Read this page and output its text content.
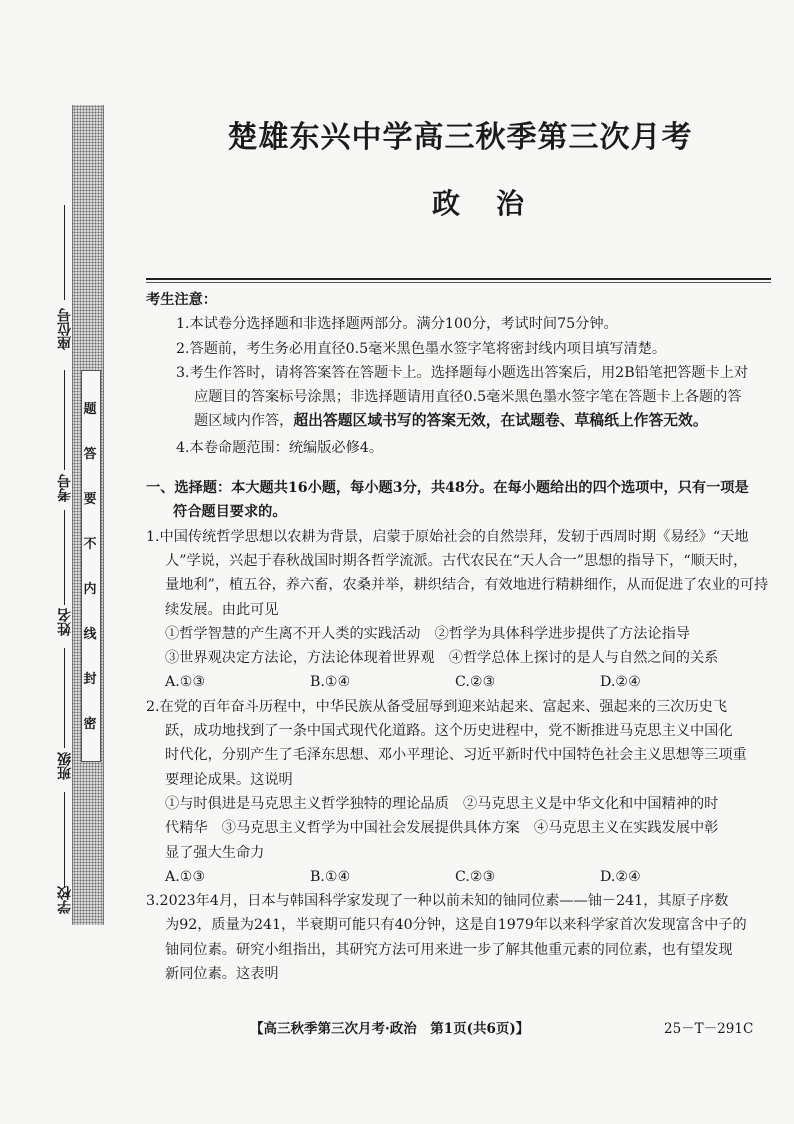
题
答
要
不
内
线
封
密
座位号
考号
姓名
班级
学校
楚雄东兴中学高三秋季第三次月考
政治
考生注意：
1.本试卷分选择题和非选择题两部分。满分100分，考试时间75分钟。
2.答题前，考生务必用直径0.5毫米黑色墨水签字笔将密封线内项目填写清楚。
3.考生作答时，请将答案答在答题卡上。选择题每小题选出答案后，用2B铅笔把答题卡上对
应题目的答案标号涂黑；非选择题请用直径0.5毫米黑色墨水签字笔在答题卡上各题的答
题区域内作答，超出答题区域书写的答案无效，在试题卷、草稿纸上作答无效。
4.本卷命题范围：统编版必修4。
一、选择题：本大题共16小题，每小题3分，共48分。在每小题给出的四个选项中，只有一项是
符合题目要求的。
1.中国传统哲学思想以农耕为背景，启蒙于原始社会的自然崇拜，发轫于西周时期《易经》“天地
人”学说，兴起于春秋战国时期各哲学流派。古代农民在“天人合一”思想的指导下，“顺天时，
量地利”，植五谷，养六畜，农桑并举，耕织结合，有效地进行精耕细作，从而促进了农业的可持
续发展。由此可见
①哲学智慧的产生离不开人类的实践活动　②哲学为具体科学进步提供了方法论指导
③世界观决定方法论，方法论体现着世界观　④哲学总体上探讨的是人与自然之间的关系
A.①③	B.①④	C.②③	D.②④
2.在党的百年奋斗历程中，中华民族从备受屈辱到迎来站起来、富起来、强起来的三次历史飞
跃，成功地找到了一条中国式现代化道路。这个历史进程中，党不断推进马克思主义中国化
时代化，分别产生了毛泽东思想、邓小平理论、习近平新时代中国特色社会主义思想等三项重
要理论成果。这说明
①与时俱进是马克思主义哲学独特的理论品质　②马克思主义是中华文化和中国精神的时
代精华　③马克思主义哲学为中国社会发展提供具体方案　④马克思主义在实践发展中彰
显了强大生命力
A.①③	B.①④	C.②③	D.②④
3.2023年4月，日本与韩国科学家发现了一种以前未知的铀同位素——铀－241，其原子序数
为92，质量为241，半衰期可能只有40分钟，这是自1979年以来科学家首次发现富含中子的
铀同位素。研究小组指出，其研究方法可用来进一步了解其他重元素的同位素，也有望发现
新同位素。这表明
【高三秋季第三次月考·政治　第1页(共6页)】	25－T－291C
